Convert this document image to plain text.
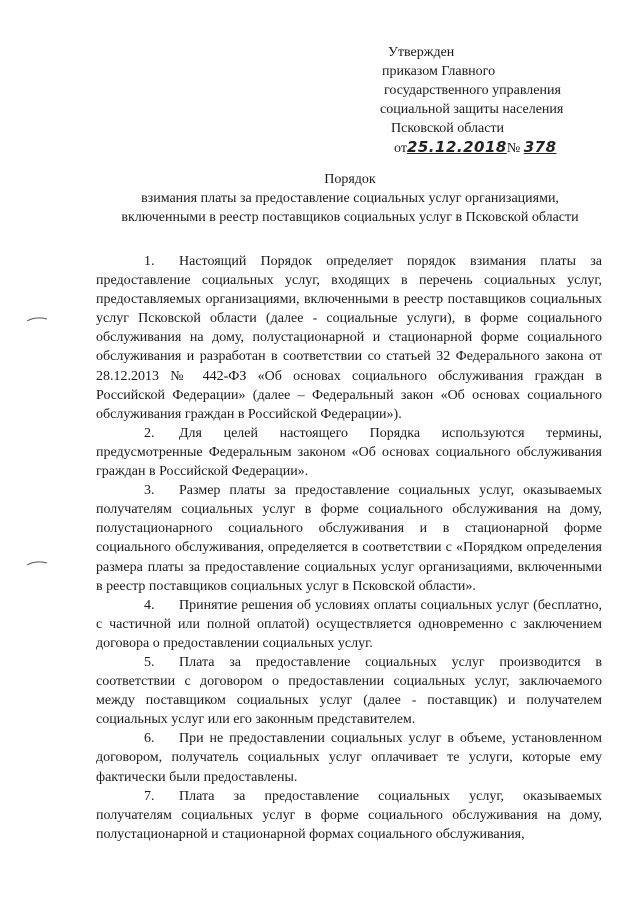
Утвержден
приказом Главного
государственного управления
социальной защиты населения
Псковской области
от25.12.2018№ 378
Порядок
взимания платы за предоставление социальных услуг организациями,
включенными в реестр поставщиков социальных услуг в Псковской области

1. Настоящий Порядок определяет порядок взимания платы за предоставление социальных услуг, входящих в перечень социальных услуг, предоставляемых организациями, включенными в реестр поставщиков социальных услуг Псковской области (далее - социальные услуги), в форме социального обслуживания на дому, полустационарной и стационарной форме социального обслуживания и разработан в соответствии со статьей 32 Федерального закона от 28.12.2013 № 442-ФЗ «Об основах социального обслуживания граждан в Российской Федерации» (далее – Федеральный закон «Об основах социального обслуживания граждан в Российской Федерации»).

2. Для целей настоящего Порядка используются термины, предусмотренные Федеральным законом «Об основах социального обслуживания граждан в Российской Федерации».

3. Размер платы за предоставление социальных услуг, оказываемых получателям социальных услуг в форме социального обслуживания на дому, полустационарного социального обслуживания и в стационарной форме социального обслуживания, определяется в соответствии с «Порядком определения размера платы за предоставление социальных услуг организациями, включенными в реестр поставщиков социальных услуг в Псковской области».

4. Принятие решения об условиях оплаты социальных услуг (бесплатно, с частичной или полной оплатой) осуществляется одновременно с заключением договора о предоставлении социальных услуг.

5. Плата за предоставление социальных услуг производится в соответствии с договором о предоставлении социальных услуг, заключаемого между поставщиком социальных услуг (далее - поставщик) и получателем социальных услуг или его законным представителем.

6. При не предоставлении социальных услуг в объеме, установленном договором, получатель социальных услуг оплачивает те услуги, которые ему фактически были предоставлены.

7. Плата за предоставление социальных услуг, оказываемых получателям социальных услуг в форме социального обслуживания на дому, полустационарной и стационарной формах социального обслуживания,
